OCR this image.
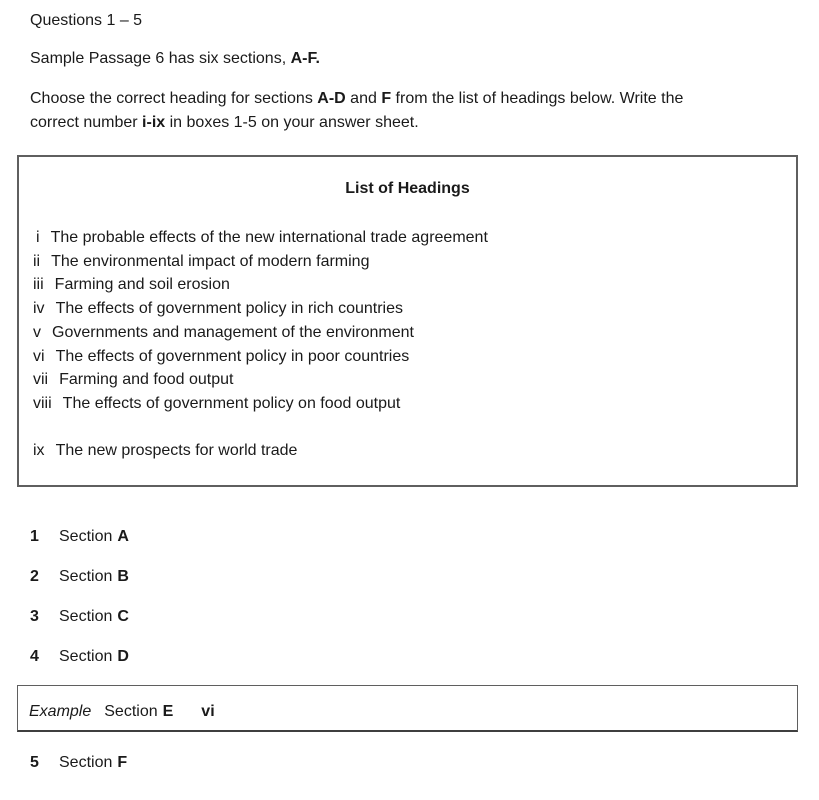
Questions 1 – 5

Sample Passage 6 has six sections, A-F.

Choose the correct heading for sections A-D and F from the list of headings below. Write the
correct number i-ix in boxes 1-5 on your answer sheet.

List of Headings
i The probable effects of the new international trade agreement
ii The environmental impact of modern farming
iii Farming and soil erosion
iv The effects of government policy in rich countries
v Governments and management of the environment
vi The effects of government policy in poor countries
vii Farming and food output
viii The effects of government policy on food output
ix The new prospects for world trade
1 Section A
2 Section B
3 Section C
4 Section D
Example Section E vi
5 Section F
